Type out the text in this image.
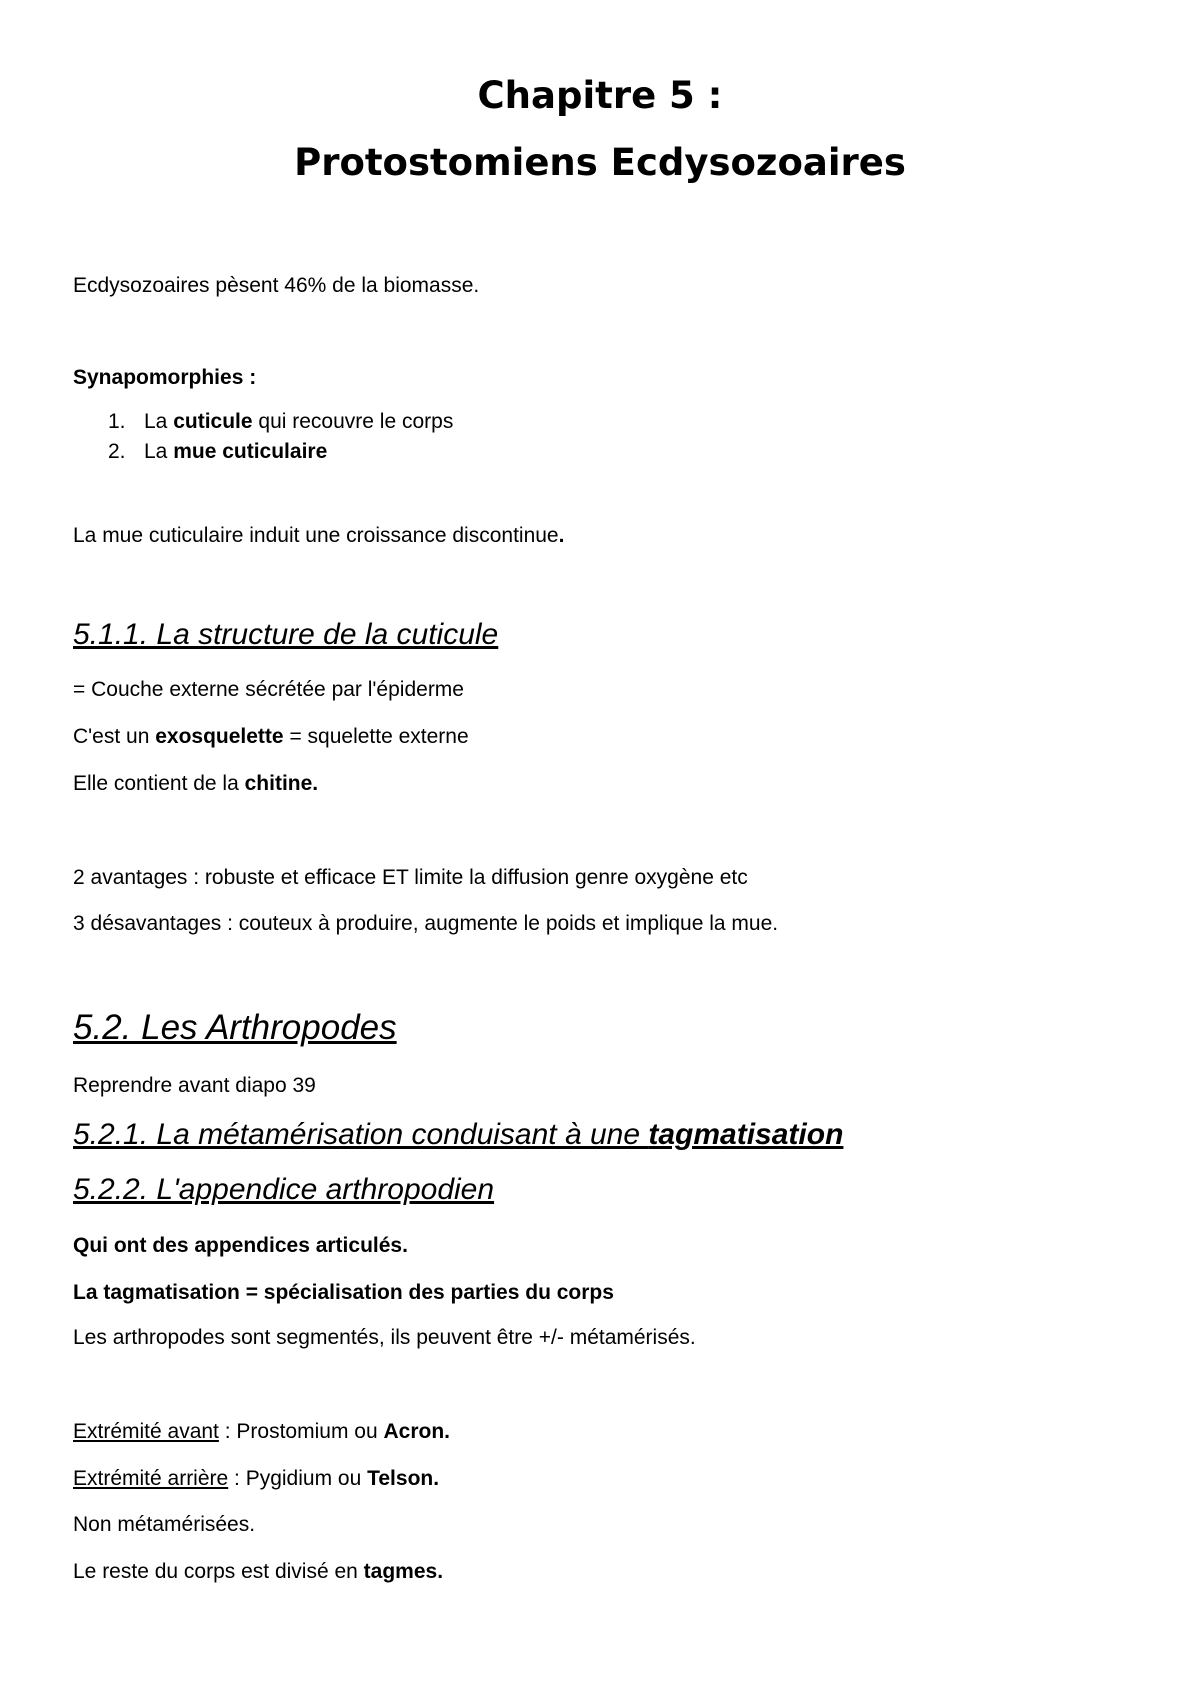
Chapitre 5 :
Protostomiens Ecdysozoaires

Ecdysozoaires pèsent 46% de la biomasse.

Synapomorphies :

1. La cuticule qui recouvre le corps
2. La mue cuticulaire

La mue cuticulaire induit une croissance discontinue.

5.1.1. La structure de la cuticule

= Couche externe sécrétée par l'épiderme

C'est un exosquelette = squelette externe

Elle contient de la chitine.

2 avantages : robuste et efficace ET limite la diffusion genre oxygène etc

3 désavantages : couteux à produire, augmente le poids et implique la mue.

5.2. Les Arthropodes

Reprendre avant diapo 39

5.2.1. La métamérisation conduisant à une tagmatisation
5.2.2. L'appendice arthropodien

Qui ont des appendices articulés.

La tagmatisation = spécialisation des parties du corps

Les arthropodes sont segmentés, ils peuvent être +/- métamérisés.

Extrémité avant : Prostomium ou Acron.

Extrémité arrière : Pygidium ou Telson.

Non métamérisées.

Le reste du corps est divisé en tagmes.
